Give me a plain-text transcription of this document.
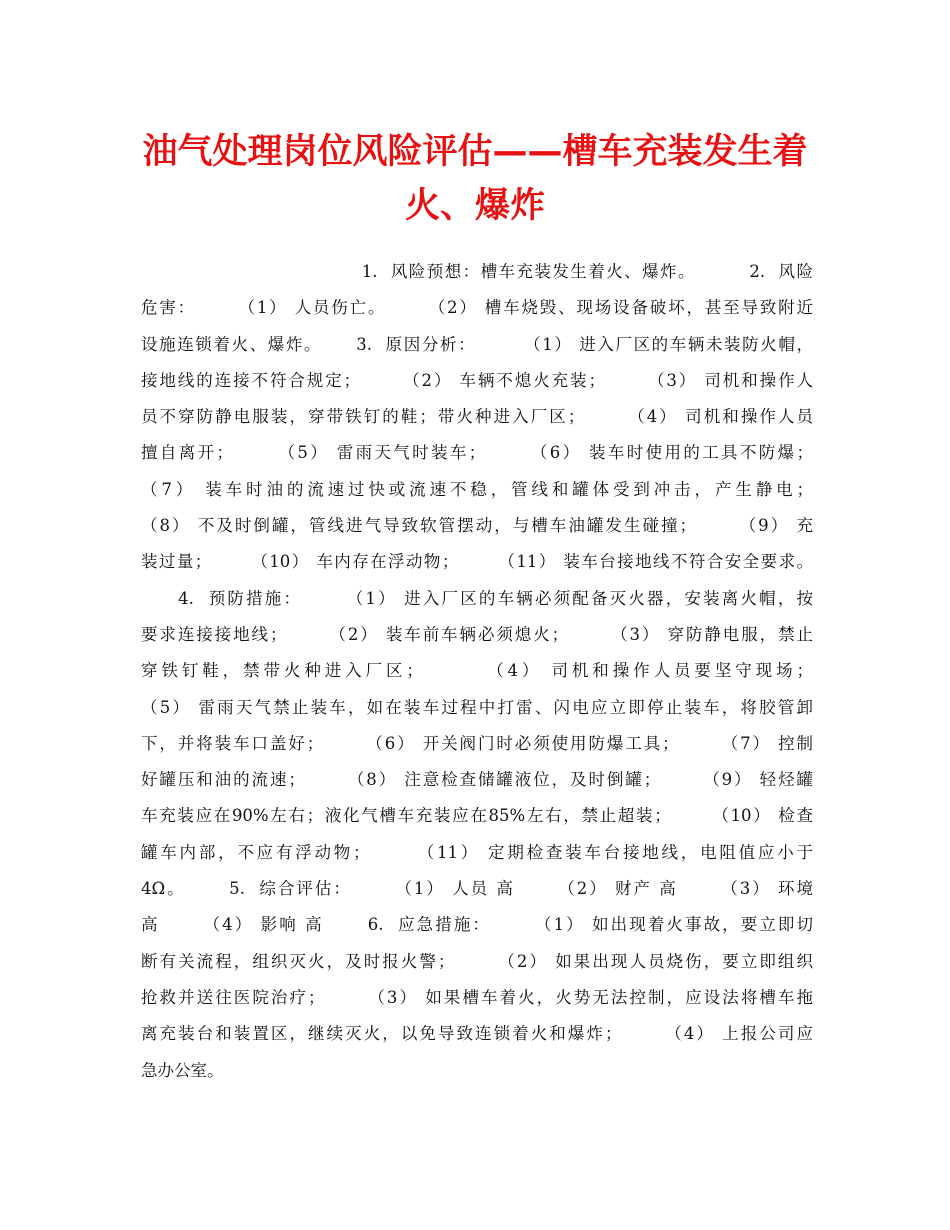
油气处理岗位风险评估——槽车充装发生着
火、爆炸
1.  风险预想：槽车充装发生着火、爆炸。        2.  风险
危害：      （1） 人员伤亡。      （2） 槽车烧毁、现场设备破坏，甚至导致附近
设施连锁着火、爆炸。     3.  原因分析：       （1） 进入厂区的车辆未装防火帽，
接地线的连接不符合规定；      （2） 车辆不熄火充装；      （3） 司机和操作人
员不穿防静电服装，穿带铁钉的鞋；带火种进入厂区；      （4） 司机和操作人员
擅自离开；      （5） 雷雨天气时装车；      （6） 装车时使用的工具不防爆；
（7） 装车时油的流速过快或流速不稳，管线和罐体受到冲击，产生静电；
（8） 不及时倒罐，管线进气导致软管摆动，与槽车油罐发生碰撞；      （9） 充
装过量；      （10） 车内存在浮动物；      （11） 装车台接地线不符合安全要求。
4.  预防措施：      （1） 进入厂区的车辆必须配备灭火器，安装离火帽，按
要求连接接地线；      （2） 装车前车辆必须熄火；      （3） 穿防静电服，禁止
穿铁钉鞋，禁带火种进入厂区；       （4） 司机和操作人员要坚守现场；
（5） 雷雨天气禁止装车，如在装车过程中打雷、闪电应立即停止装车，将胶管卸
下，并将装车口盖好；      （6） 开关阀门时必须使用防爆工具；      （7） 控制
好罐压和油的流速；      （8） 注意检查储罐液位，及时倒罐；      （9） 轻烃罐
车充装应在90%左右；液化气槽车充装应在85%左右，禁止超装；      （10） 检查
罐车内部，不应有浮动物；      （11） 定期检查装车台接地线，电阻值应小于
4Ω。      5.  综合评估：      （1） 人员 高      （2） 财产 高      （3） 环境
高      （4） 影响 高      6.  应急措施：      （1） 如出现着火事故，要立即切
断有关流程，组织灭火，及时报火警；      （2） 如果出现人员烧伤，要立即组织
抢救并送往医院治疗；      （3） 如果槽车着火，火势无法控制，应设法将槽车拖
离充装台和装置区，继续灭火，以免导致连锁着火和爆炸；      （4） 上报公司应
急办公室。
